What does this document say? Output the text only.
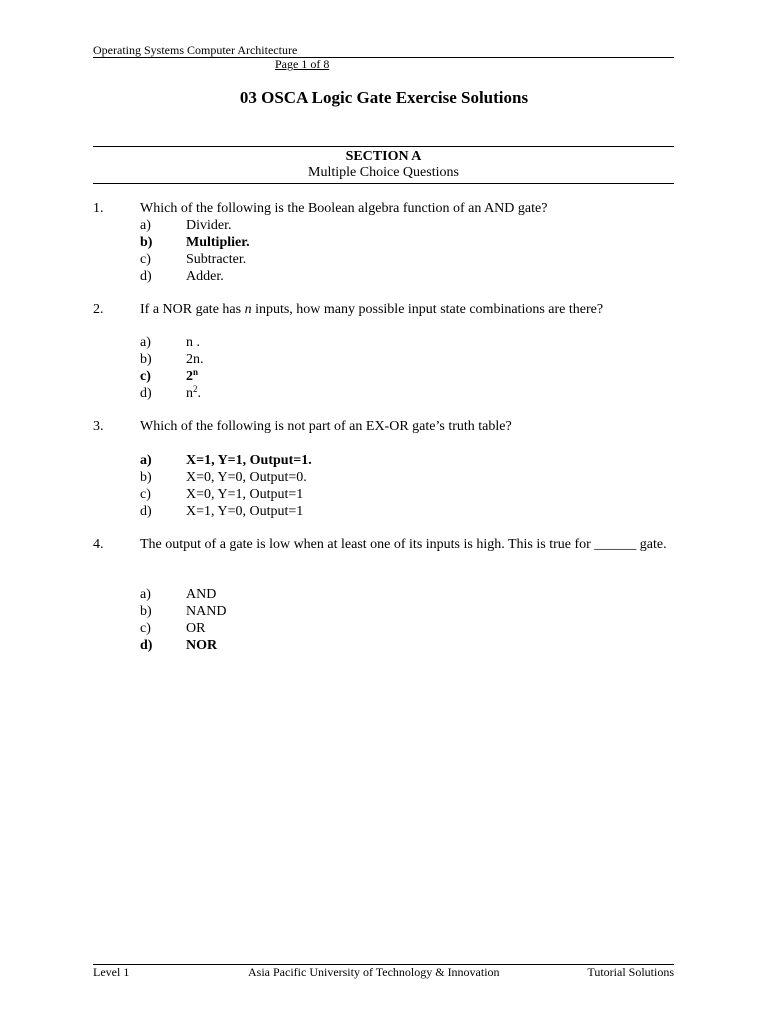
Operating Systems Computer Architecture
Page 1 of 8
03 OSCA Logic Gate Exercise Solutions
SECTION A
Multiple Choice Questions
1.	Which of the following is the Boolean algebra function of an AND gate?
a)	Divider.
b) Multiplier.
c)	Subtracter.
d) Adder.
2.	If a NOR gate has n inputs, how many possible input state combinations are there?
a)	n .
b) 2n.
c)	2$^n$
d) $n^2$.
3.	Which of the following is not part of an EX-OR gate’s truth table?
a) X=1, Y=1, Output=1.
b) X=0, Y=0, Output=0.
c)	X=0, Y=1, Output=1
d) X=1, Y=0, Output=1
4.	The output of a gate is low when at least one of its inputs is high. This is true for ______ gate.
a)	AND
b) NAND
c)	OR
d) NOR
Level 1	Asia Pacific University of Technology & Innovation	Tutorial Solutions
